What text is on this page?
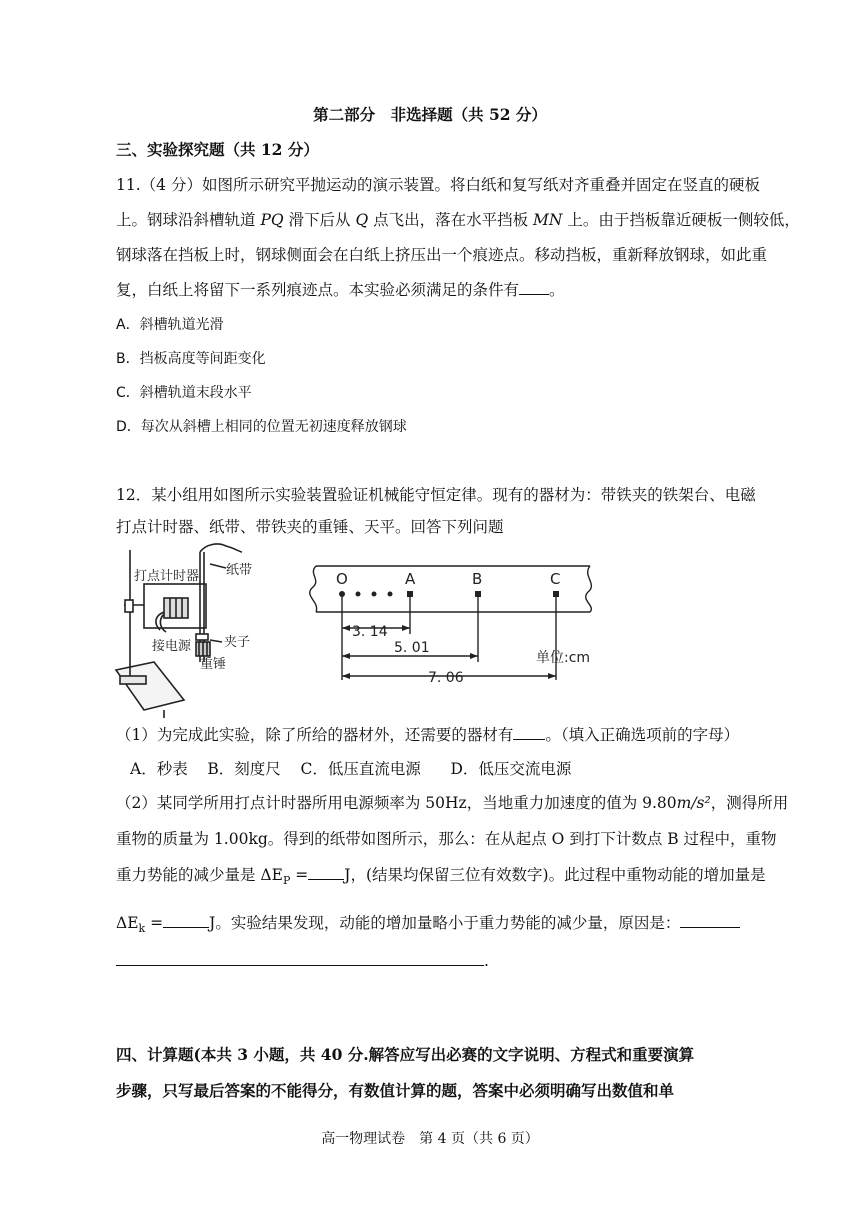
第二部分　非选择题（共 52 分）
三、实验探究题（共 12 分）
11.（4 分）如图所示研究平抛运动的演示装置。将白纸和复写纸对齐重叠并固定在竖直的硬板
上。钢球沿斜槽轨道 PQ 滑下后从 Q 点飞出，落在水平挡板 MN 上。由于挡板靠近硬板一侧较低，
钢球落在挡板上时，钢球侧面会在白纸上挤压出一个痕迹点。移动挡板，重新释放钢球，如此重
复，白纸上将留下一系列痕迹点。本实验必须满足的条件有 。
A．斜槽轨道光滑
B．挡板高度等间距变化
C．斜槽轨道末段水平
D．每次从斜槽上相同的位置无初速度释放钢球
12．某小组用如图所示实验装置验证机械能守恒定律。现有的器材为：带铁夹的铁架台、电磁
打点计时器、纸带、带铁夹的重锤、天平。回答下列问题
打点计时器 纸带
接电源	夹子
重锤
O	A	B	C
3. 14
5. 01
7. 06
单位:cm
（1）为完成此实验，除了所给的器材外，还需要的器材有 。（填入正确选项前的字母）
A．秒表 B．刻度尺 C．低压直流电源 D．低压交流电源
（2）某同学所用打点计时器所用电源频率为 50Hz，当地重力加速度的值为 9.80m/s²，测得所用
重物的质量为 1.00kg。得到的纸带如图所示，那么：在从起点 O 到打下计数点 B 过程中，重物
重力势能的减少量是 $\Delta E_P = J$，(结果均保留三位有效数字)。此过程中重物动能的增加量是
$\Delta E_k$ =	J。实验结果发现，动能的增加量略小于重力势能的减少量，原因是：
.
四、计算题(本共 3 小题，共 40 分.解答应写出必赛的文字说明、方程式和重要演算
步骤，只写最后答案的不能得分，有数值计算的题，答案中必须明确写出数值和单
高一物理试卷　第 4 页（共 6 页）
